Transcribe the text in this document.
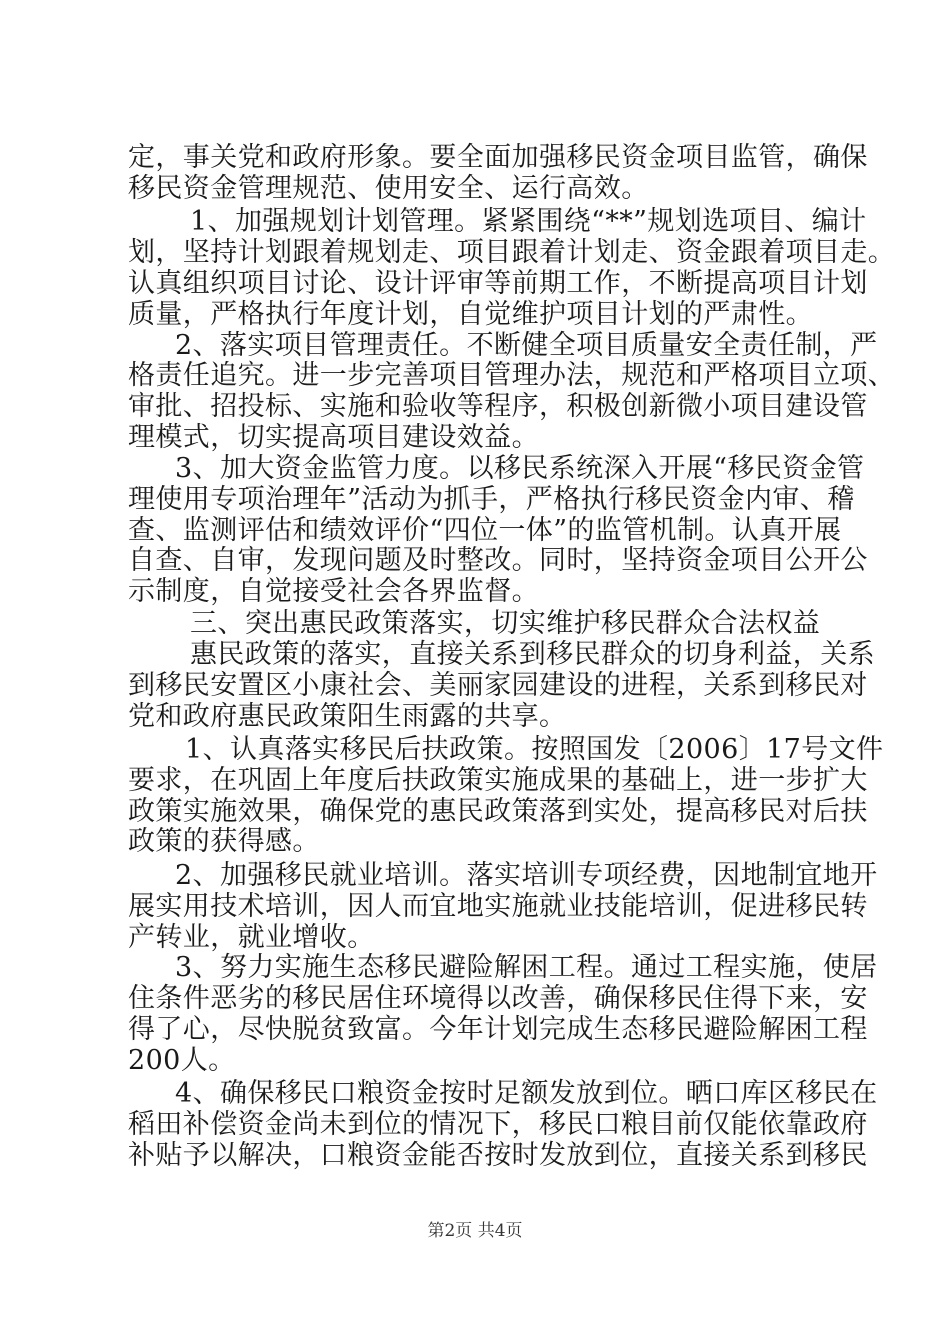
定，事关党和政府形象。要全面加强移民资金项目监管，确保
移民资金管理规范、使用安全、运行高效。
1、加强规划计划管理。紧紧围绕“**”规划选项目、编计
划，坚持计划跟着规划走、项目跟着计划走、资金跟着项目走。
认真组织项目讨论、设计评审等前期工作，不断提高项目计划
质量，严格执行年度计划，自觉维护项目计划的严肃性。
2、落实项目管理责任。不断健全项目质量安全责任制，严
格责任追究。进一步完善项目管理办法，规范和严格项目立项、
审批、招投标、实施和验收等程序，积极创新微小项目建设管
理模式，切实提高项目建设效益。
3、加大资金监管力度。以移民系统深入开展“移民资金管
理使用专项治理年”活动为抓手，严格执行移民资金内审、稽
查、监测评估和绩效评价“四位一体”的监管机制。认真开展
自查、自审，发现问题及时整改。同时，坚持资金项目公开公
示制度，自觉接受社会各界监督。
三、突出惠民政策落实，切实维护移民群众合法权益
惠民政策的落实，直接关系到移民群众的切身利益，关系
到移民安置区小康社会、美丽家园建设的进程，关系到移民对
党和政府惠民政策阳生雨露的共享。
1、认真落实移民后扶政策。按照国发〔2006〕17号文件
要求，在巩固上年度后扶政策实施成果的基础上，进一步扩大
政策实施效果，确保党的惠民政策落到实处，提高移民对后扶
政策的获得感。
2、加强移民就业培训。落实培训专项经费，因地制宜地开
展实用技术培训，因人而宜地实施就业技能培训，促进移民转
产转业，就业增收。
3、努力实施生态移民避险解困工程。通过工程实施，使居
住条件恶劣的移民居住环境得以改善，确保移民住得下来，安
得了心，尽快脱贫致富。今年计划完成生态移民避险解困工程
200人。
4、确保移民口粮资金按时足额发放到位。晒口库区移民在
稻田补偿资金尚未到位的情况下，移民口粮目前仅能依靠政府
补贴予以解决，口粮资金能否按时发放到位，直接关系到移民
第2页 共4页
